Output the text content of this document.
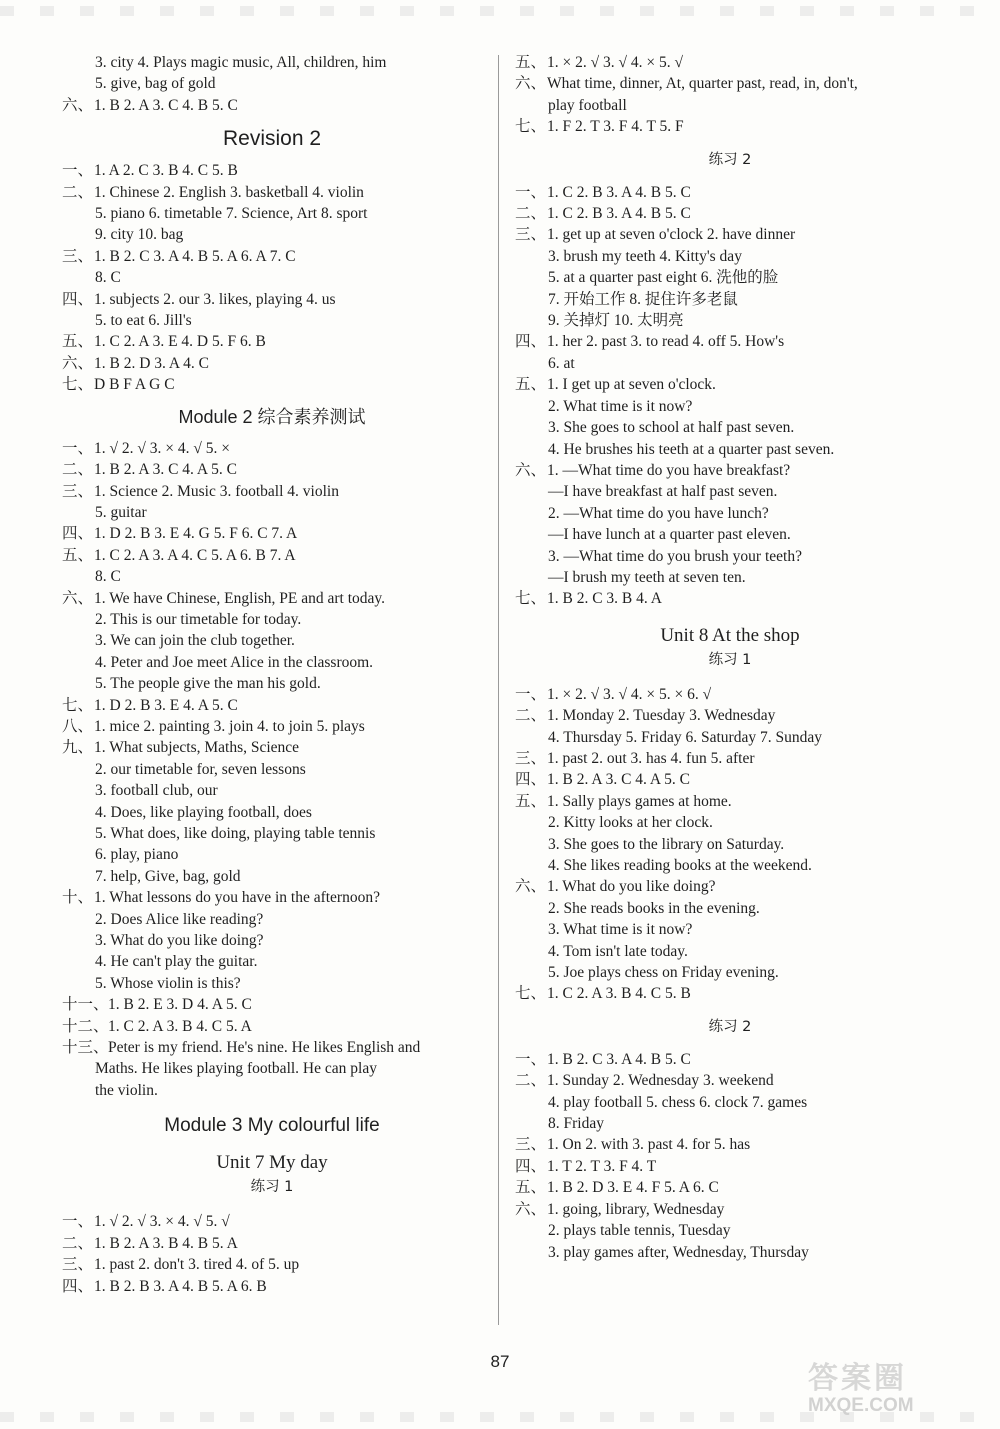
3. city 4. Plays magic music, All, children, him
5. give, bag of gold
六、 1. B 2. A 3. C 4. B 5. C
Revision 2
一、 1. A 2. C 3. B 4. C 5. B
二、 1. Chinese 2. English 3. basketball 4. violin
5. piano 6. timetable 7. Science, Art 8. sport
9. city 10. bag
三、 1. B 2. C 3. A 4. B 5. A 6. A 7. C
8. C
四、 1. subjects 2. our 3. likes, playing 4. us
5. to eat 6. Jill's
五、 1. C 2. A 3. E 4. D 5. F 6. B
六、 1. B 2. D 3. A 4. C
七、 D B F A G C
Module 2 综合素养测试
一、 1. √ 2. √ 3. × 4. √ 5. ×
二、 1. B 2. A 3. C 4. A 5. C
三、 1. Science 2. Music 3. football 4. violin
5. guitar
四、 1. D 2. B 3. E 4. G 5. F 6. C 7. A
五、 1. C 2. A 3. A 4. C 5. A 6. B 7. A
8. C
六、 1. We have Chinese, English, PE and art today.
2. This is our timetable for today.
3. We can join the club together.
4. Peter and Joe meet Alice in the classroom.
5. The people give the man his gold.
七、 1. D 2. B 3. E 4. A 5. C
八、 1. mice 2. painting 3. join 4. to join 5. plays
九、 1. What subjects, Maths, Science
2. our timetable for, seven lessons
3. football club, our
4. Does, like playing football, does
5. What does, like doing, playing table tennis
6. play, piano
7. help, Give, bag, gold
十、 1. What lessons do you have in the afternoon?
2. Does Alice like reading?
3. What do you like doing?
4. He can't play the guitar.
5. Whose violin is this?
十一、 1. B 2. E 3. D 4. A 5. C
十二、 1. C 2. A 3. B 4. C 5. A
十三、 Peter is my friend. He's nine. He likes English and
Maths. He likes playing football. He can play
the violin.
Module 3 My colourful life
Unit 7 My day
练习 1
一、 1. √ 2. √ 3. × 4. √ 5. √
二、 1. B 2. A 3. B 4. B 5. A
三、 1. past 2. don't 3. tired 4. of 5. up
四、 1. B 2. B 3. A 4. B 5. A 6. B
五、 1. × 2. √ 3. √ 4. × 5. √
六、 What time, dinner, At, quarter past, read, in, don't,
play football
七、 1. F 2. T 3. F 4. T 5. F
练习 2
一、 1. C 2. B 3. A 4. B 5. C
二、 1. C 2. B 3. A 4. B 5. C
三、 1. get up at seven o'clock 2. have dinner
3. brush my teeth 4. Kitty's day
5. at a quarter past eight 6. 洗他的脸
7. 开始工作 8. 捉住许多老鼠
9. 关掉灯 10. 太明亮
四、 1. her 2. past 3. to read 4. off 5. How's
6. at
五、 1. I get up at seven o'clock.
2. What time is it now?
3. She goes to school at half past seven.
4. He brushes his teeth at a quarter past seven.
六、 1. —What time do you have breakfast?
—I have breakfast at half past seven.
2. —What time do you have lunch?
—I have lunch at a quarter past eleven.
3. —What time do you brush your teeth?
—I brush my teeth at seven ten.
七、 1. B 2. C 3. B 4. A
Unit 8 At the shop
练习 1
一、 1. × 2. √ 3. √ 4. × 5. × 6. √
二、 1. Monday 2. Tuesday 3. Wednesday
4. Thursday 5. Friday 6. Saturday 7. Sunday
三、 1. past 2. out 3. has 4. fun 5. after
四、 1. B 2. A 3. C 4. A 5. C
五、 1. Sally plays games at home.
2. Kitty looks at her clock.
3. She goes to the library on Saturday.
4. She likes reading books at the weekend.
六、 1. What do you like doing?
2. She reads books in the evening.
3. What time is it now?
4. Tom isn't late today.
5. Joe plays chess on Friday evening.
七、 1. C 2. A 3. B 4. C 5. B
练习 2
一、 1. B 2. C 3. A 4. B 5. C
二、 1. Sunday 2. Wednesday 3. weekend
4. play football 5. chess 6. clock 7. games
8. Friday
三、 1. On 2. with 3. past 4. for 5. has
四、 1. T 2. T 3. F 4. T
五、 1. B 2. D 3. E 4. F 5. A 6. C
六、 1. going, library, Wednesday
2. plays table tennis, Tuesday
3. play games after, Wednesday, Thursday
87	答案圈
MXQE.COM
